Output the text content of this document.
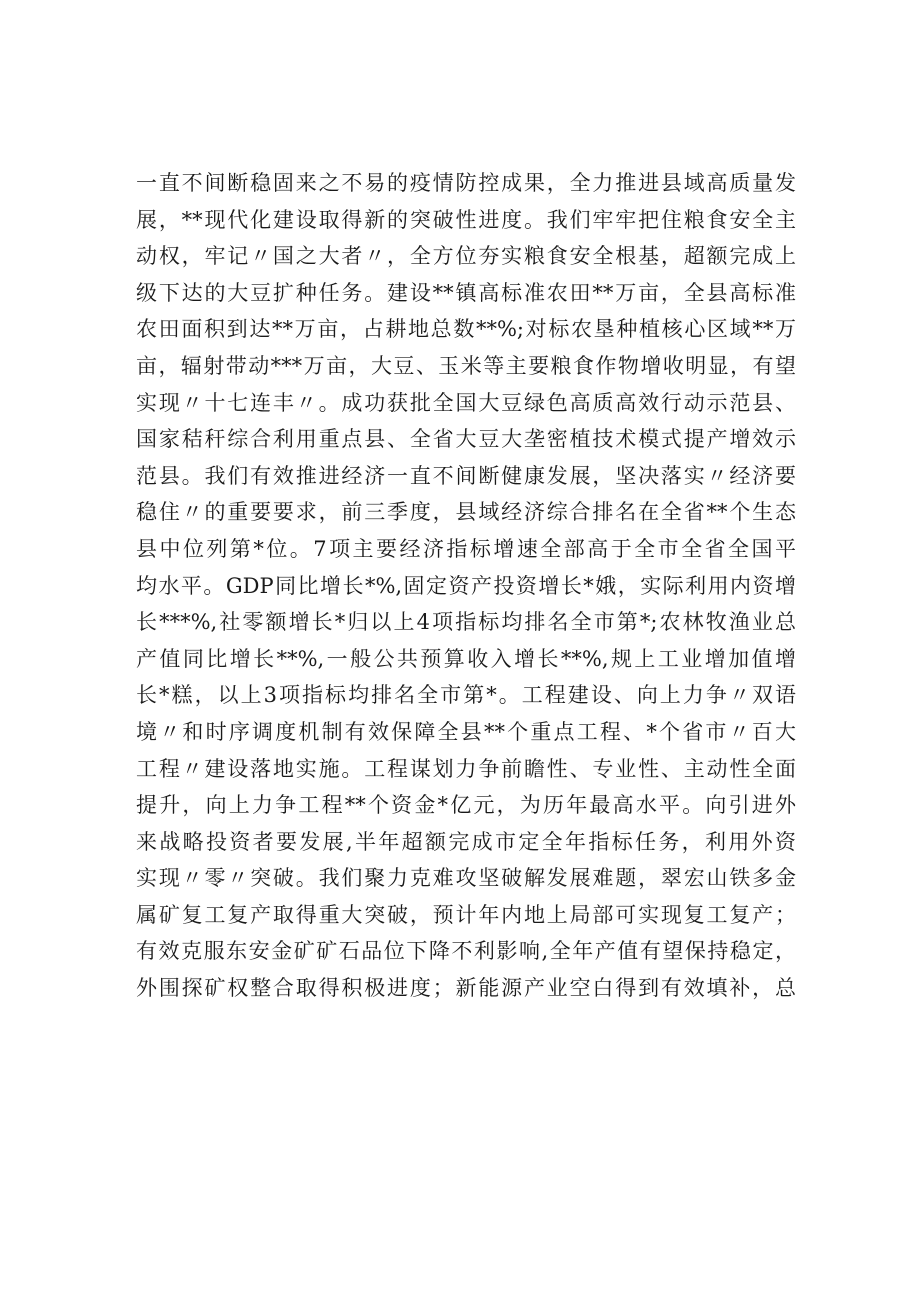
一直不间断稳固来之不易的疫情防控成果，全力推进县域高质量发
展，**现代化建设取得新的突破性进度。我们牢牢把住粮食安全主
动权，牢记〃国之大者〃，全方位夯实粮食安全根基，超额完成上
级下达的大豆扩种任务。建设**镇高标准农田**万亩，全县高标准
农田面积到达**万亩，占耕地总数**%;对标农垦种植核心区域**万
亩，辐射带动***万亩，大豆、玉米等主要粮食作物增收明显，有望
实现〃十七连丰〃。成功获批全国大豆绿色高质高效行动示范县、
国家秸秆综合利用重点县、全省大豆大垄密植技术模式提产增效示
范县。我们有效推进经济一直不间断健康发展，坚决落实〃经济要
稳住〃的重要要求，前三季度，县域经济综合排名在全省**个生态
县中位列第*位。7项主要经济指标增速全部高于全市全省全国平
均水平。GDP同比增长*%,固定资产投资增长*娥，实际利用内资增
长***%,社零额增长*归以上4项指标均排名全市第*;农林牧渔业总
产值同比增长**%,一般公共预算收入增长**%,规上工业增加值增
长*糕，以上3项指标均排名全市第*。工程建设、向上力争〃双语
境〃和时序调度机制有效保障全县**个重点工程、*个省市〃百大
工程〃建设落地实施。工程谋划力争前瞻性、专业性、主动性全面
提升，向上力争工程**个资金*亿元，为历年最高水平。向引进外
来战略投资者要发展,半年超额完成市定全年指标任务，利用外资
实现〃零〃突破。我们聚力克难攻坚破解发展难题，翠宏山铁多金
属矿复工复产取得重大突破，预计年内地上局部可实现复工复产；
有效克服东安金矿矿石品位下降不利影响,全年产值有望保持稳定，
外围探矿权整合取得积极进度；新能源产业空白得到有效填补，总
